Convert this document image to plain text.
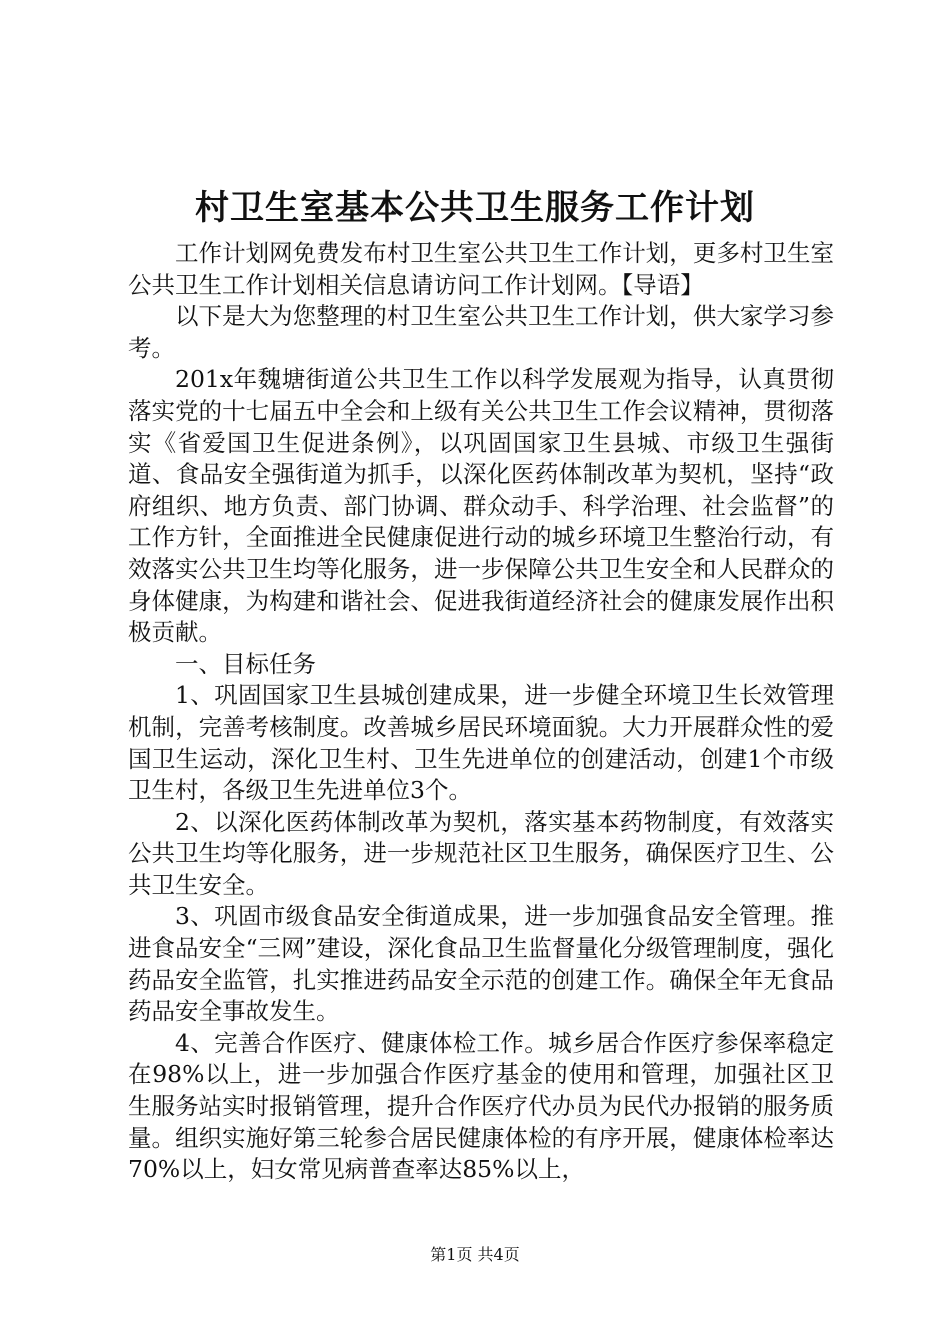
村卫生室基本公共卫生服务工作计划

工作计划网免费发布村卫生室公共卫生工作计划，更多村卫生室公共卫生工作计划相关信息请访问工作计划网。【导语】

以下是大为您整理的村卫生室公共卫生工作计划，供大家学习参考。

201x年魏塘街道公共卫生工作以科学发展观为指导，认真贯彻落实党的十七届五中全会和上级有关公共卫生工作会议精神，贯彻落实《省爱国卫生促进条例》，以巩固国家卫生县城、市级卫生强街道、食品安全强街道为抓手，以深化医药体制改革为契机，坚持“政府组织、地方负责、部门协调、群众动手、科学治理、社会监督”的工作方针，全面推进全民健康促进行动的城乡环境卫生整治行动，有效落实公共卫生均等化服务，进一步保障公共卫生安全和人民群众的身体健康，为构建和谐社会、促进我街道经济社会的健康发展作出积极贡献。

一、目标任务

1、巩固国家卫生县城创建成果，进一步健全环境卫生长效管理机制，完善考核制度。改善城乡居民环境面貌。大力开展群众性的爱国卫生运动，深化卫生村、卫生先进单位的创建活动，创建1个市级卫生村，各级卫生先进单位3个。

2、以深化医药体制改革为契机，落实基本药物制度，有效落实公共卫生均等化服务，进一步规范社区卫生服务，确保医疗卫生、公共卫生安全。

3、巩固市级食品安全街道成果，进一步加强食品安全管理。推进食品安全“三网”建设，深化食品卫生监督量化分级管理制度，强化药品安全监管，扎实推进药品安全示范的创建工作。确保全年无食品药品安全事故发生。

4、完善合作医疗、健康体检工作。城乡居合作医疗参保率稳定在98%以上，进一步加强合作医疗基金的使用和管理，加强社区卫生服务站实时报销管理，提升合作医疗代办员为民代办报销的服务质量。组织实施好第三轮参合居民健康体检的有序开展，健康体检率达70%以上，妇女常见病普查率达85%以上，

第1页 共4页
